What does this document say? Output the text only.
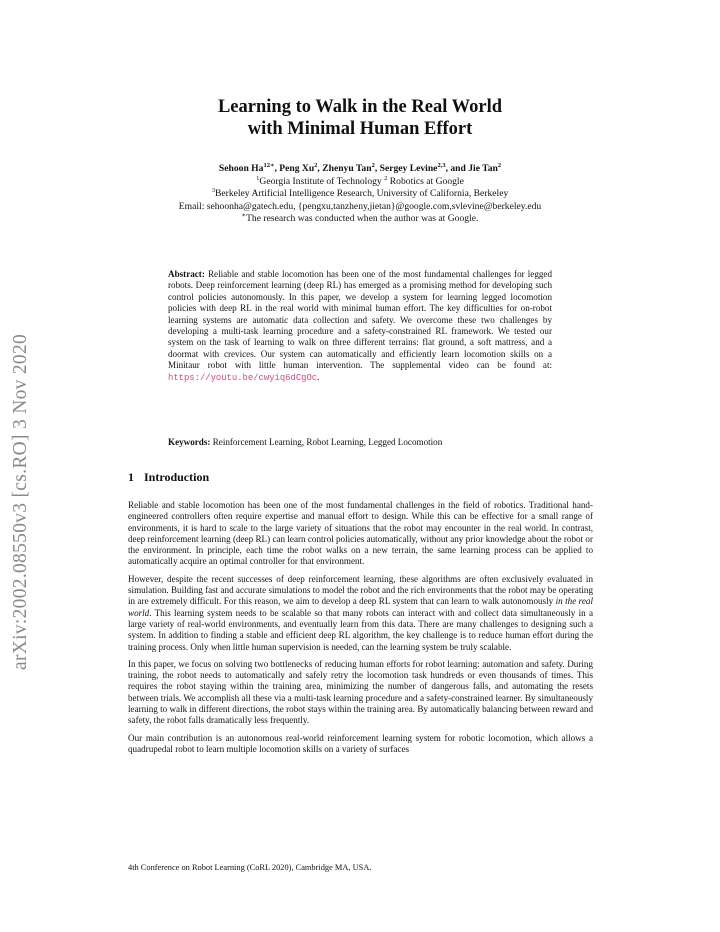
arXiv:2002.08550v3 [cs.RO] 3 Nov 2020
Learning to Walk in the Real World
with Minimal Human Effort
Sehoon $Ha^{12∗}$, Peng Xu$^2$, Zhenyu Tan$^2$, Sergey Levine$^{2,3}$, and Jie Tan$^2$
$^1$Georgia Institute of Technology $^2$ Robotics at Google
$^3$Berkeley Artificial Intelligence Research, University of California, Berkeley
Email: sehoonha@gatech.edu, {pengxu,tanzheny,jietan}@google.com,svlevine@berkeley.edu
∗The research was conducted when the author was at Google.

Abstract: Reliable and stable locomotion has been one of the most fundamental challenges for legged robots. Deep reinforcement learning (deep RL) has emerged as a promising method for developing such control policies autonomously. In this paper, we develop a system for learning legged locomotion policies with deep RL in the real world with minimal human effort. The key difficulties for on-robot learning systems are automatic data collection and safety. We overcome these two challenges by developing a multi-task learning procedure and a safety-constrained RL framework. We tested our system on the task of learning to walk on three different terrains: flat ground, a soft mattress, and a doormat with crevices. Our system can automatically and efficiently learn locomotion skills on a Minitaur robot with little human intervention. The supplemental video can be found at: https://youtu.be/cwyiq6dCgOc.

Keywords: Reinforcement Learning, Robot Learning, Legged Locomotion
1 Introduction

Reliable and stable locomotion has been one of the most fundamental challenges in the field of robotics. Traditional hand-engineered controllers often require expertise and manual effort to design. While this can be effective for a small range of environments, it is hard to scale to the large variety of situations that the robot may encounter in the real world. In contrast, deep reinforcement learning (deep RL) can learn control policies automatically, without any prior knowledge about the robot or the environment. In principle, each time the robot walks on a new terrain, the same learning process can be applied to automatically acquire an optimal controller for that environment.

However, despite the recent successes of deep reinforcement learning, these algorithms are often exclusively evaluated in simulation. Building fast and accurate simulations to model the robot and the rich environments that the robot may be operating in are extremely difficult. For this reason, we aim to develop a deep RL system that can learn to walk autonomously in the real world. This learning system needs to be scalable so that many robots can interact with and collect data simultaneously in a large variety of real-world environments, and eventually learn from this data. There are many challenges to designing such a system. In addition to finding a stable and efficient deep RL algorithm, the key challenge is to reduce human effort during the training process. Only when little human supervision is needed, can the learning system be truly scalable.

In this paper, we focus on solving two bottlenecks of reducing human efforts for robot learning: automation and safety. During training, the robot needs to automatically and safely retry the locomotion task hundreds or even thousands of times. This requires the robot staying within the training area, minimizing the number of dangerous falls, and automating the resets between trials. We accomplish all these via a multi-task learning procedure and a safety-constrained learner. By simultaneously learning to walk in different directions, the robot stays within the training area. By automatically balancing between reward and safety, the robot falls dramatically less frequently.

Our main contribution is an autonomous real-world reinforcement learning system for robotic locomotion, which allows a quadrupedal robot to learn multiple locomotion skills on a variety of surfaces

4th Conference on Robot Learning (CoRL 2020), Cambridge MA, USA.
